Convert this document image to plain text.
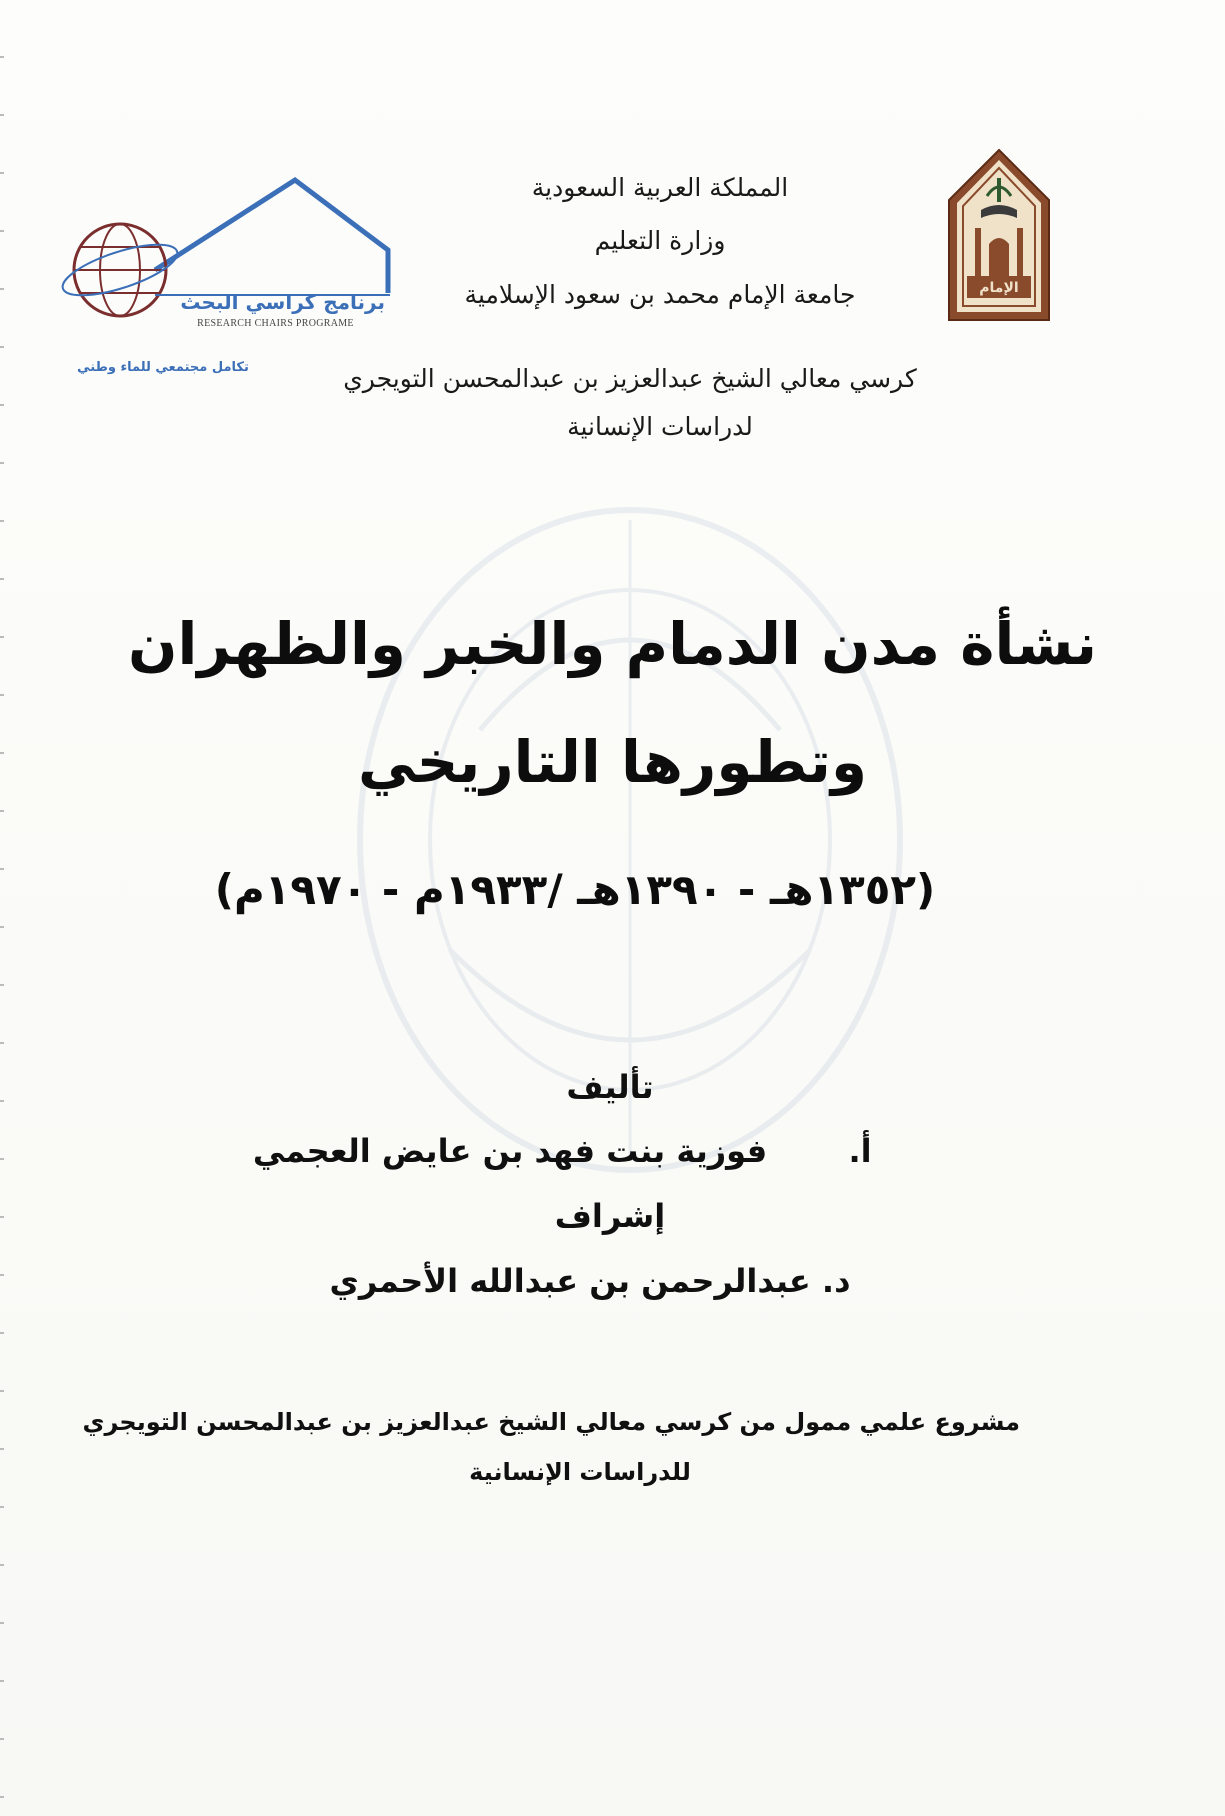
الإمام
برنامج كراسي البحث
RESEARCH CHAIRS PROGRAME
تكامل مجتمعي للماء وطني
المملكة العربية السعودية
وزارة التعليم
جامعة الإمام محمد بن سعود الإسلامية
كرسي معالي الشيخ عبدالعزيز بن عبدالمحسن التويجري
لدراسات الإنسانية
نشأة مدن الدمام والخبر والظهران
وتطورها التاريخي
(١٣٥٢هـ - ١٣٩٠هـ /١٩٣٣م - ١٩٧٠م)
تأليف
أ.
فوزية بنت فهد بن عايض العجمي
إشراف
د. عبدالرحمن بن عبدالله الأحمري
مشروع علمي ممول من كرسي معالي الشيخ عبدالعزيز بن عبدالمحسن التويجري
للدراسات الإنسانية
